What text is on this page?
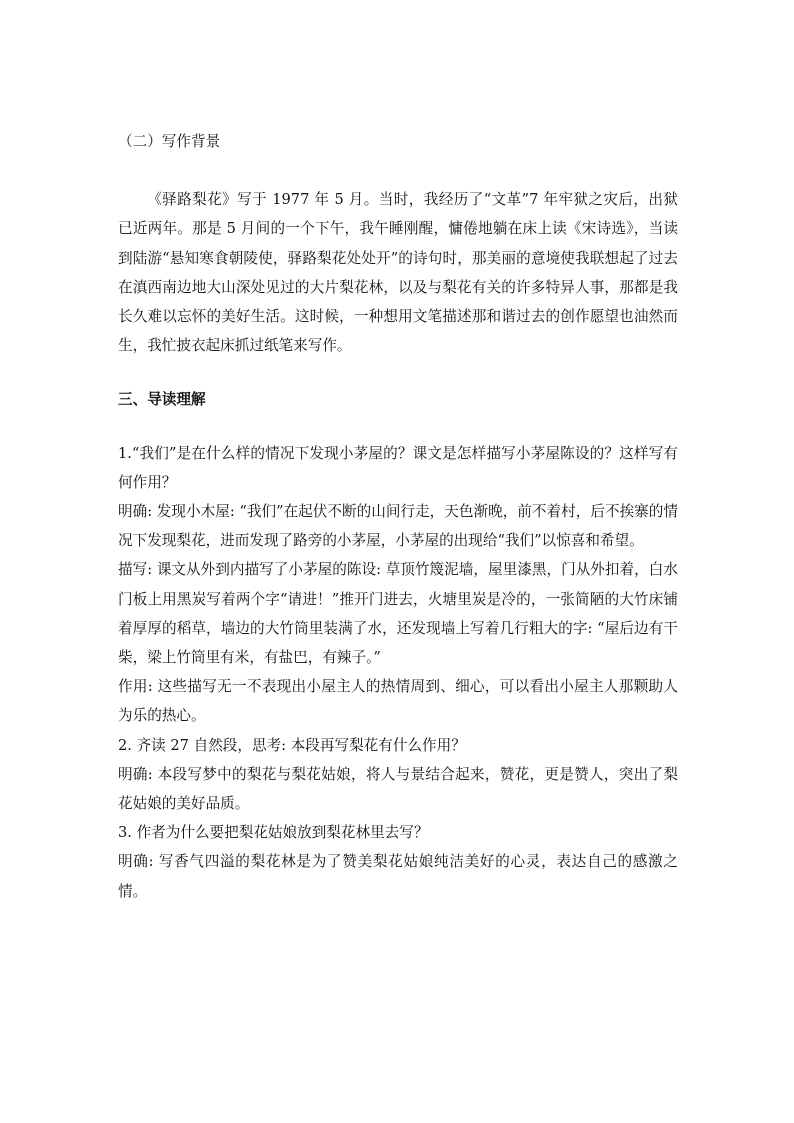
（二）写作背景

《驿路梨花》写于 1977 年 5 月。当时，我经历了“文革”7 年牢狱之灾后，出狱已近两年。那是 5 月间的一个下午，我午睡刚醒，慵倦地躺在床上读《宋诗选》，当读到陆游“悬知寒食朝陵使，驿路梨花处处开”的诗句时，那美丽的意境使我联想起了过去在滇西南边地大山深处见过的大片梨花林，以及与梨花有关的许多特异人事，那都是我长久难以忘怀的美好生活。这时候，一种想用文笔描述那和谐过去的创作愿望也油然而生，我忙披衣起床抓过纸笔来写作。

三、导读理解

1.“我们”是在什么样的情况下发现小茅屋的？课文是怎样描写小茅屋陈设的？这样写有何作用？

明确: 发现小木屋: “我们”在起伏不断的山间行走，天色渐晚，前不着村，后不挨寨的情况下发现梨花，进而发现了路旁的小茅屋，小茅屋的出现给“我们”以惊喜和希望。

描写: 课文从外到内描写了小茅屋的陈设: 草顶竹篾泥墙，屋里漆黑，门从外扣着，白水门板上用黑炭写着两个字“请进！”推开门进去，火塘里炭是冷的，一张简陋的大竹床铺着厚厚的稻草，墙边的大竹筒里装满了水，还发现墙上写着几行粗大的字: “屋后边有干柴，梁上竹筒里有米，有盐巴，有辣子。”

作用: 这些描写无一不表现出小屋主人的热情周到、细心，可以看出小屋主人那颗助人为乐的热心。

2. 齐读 27 自然段，思考: 本段再写梨花有什么作用？

明确: 本段写梦中的梨花与梨花姑娘，将人与景结合起来，赞花，更是赞人，突出了梨花姑娘的美好品质。

3. 作者为什么要把梨花姑娘放到梨花林里去写？

明确: 写香气四溢的梨花林是为了赞美梨花姑娘纯洁美好的心灵，表达自己的感激之情。
